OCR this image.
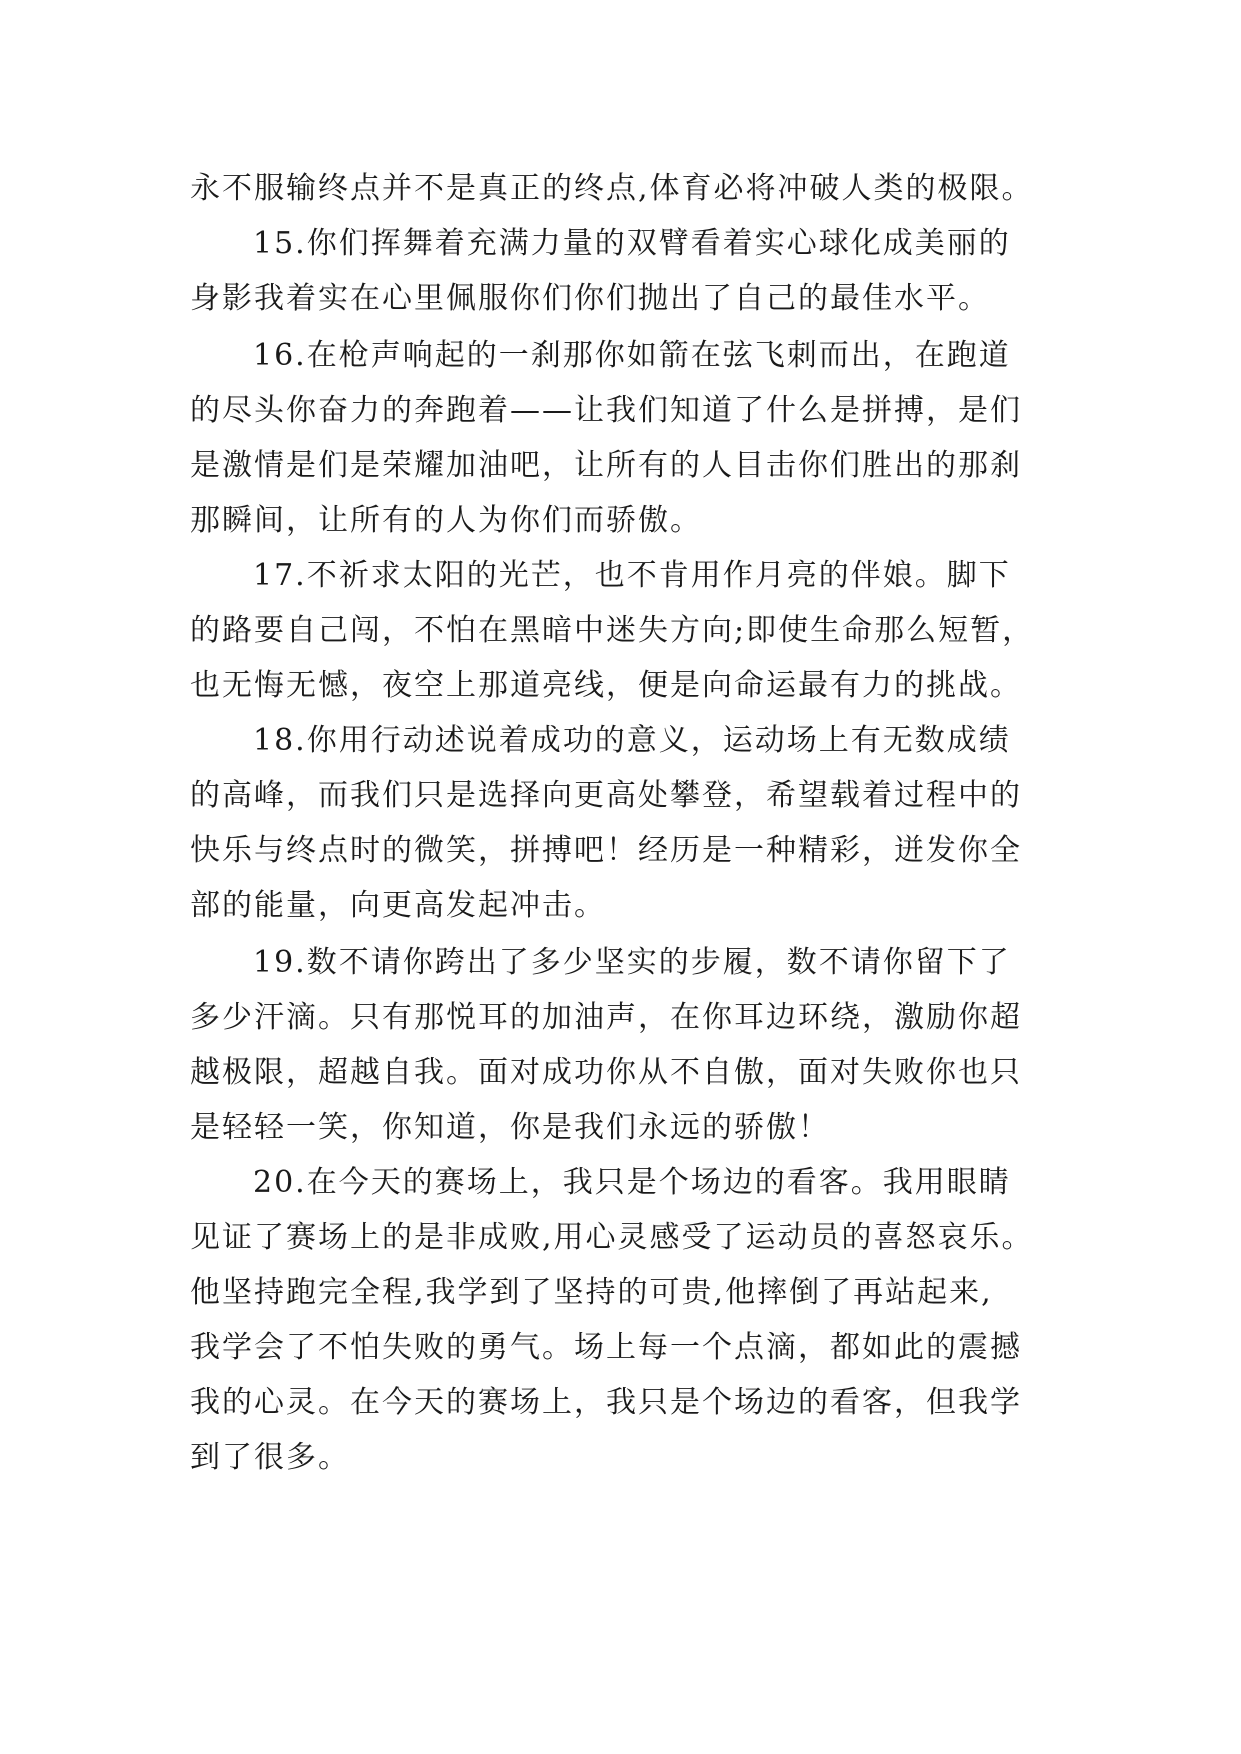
永不服输终点并不是真正的终点,体育必将冲破人类的极限。
15.你们挥舞着充满力量的双臂看着实心球化成美丽的
身影我着实在心里佩服你们你们抛出了自己的最佳水平。
16.在枪声响起的一刹那你如箭在弦飞刺而出，在跑道
的尽头你奋力的奔跑着——让我们知道了什么是拼搏，是们
是激情是们是荣耀加油吧，让所有的人目击你们胜出的那刹
那瞬间，让所有的人为你们而骄傲。
17.不祈求太阳的光芒，也不肯用作月亮的伴娘。脚下
的路要自己闯，不怕在黑暗中迷失方向;即使生命那么短暂，
也无悔无憾，夜空上那道亮线，便是向命运最有力的挑战。
18.你用行动述说着成功的意义，运动场上有无数成绩
的高峰，而我们只是选择向更高处攀登，希望载着过程中的
快乐与终点时的微笑，拼搏吧！经历是一种精彩，迸发你全
部的能量，向更高发起冲击。
19.数不请你跨出了多少坚实的步履，数不请你留下了
多少汗滴。只有那悦耳的加油声，在你耳边环绕，激励你超
越极限，超越自我。面对成功你从不自傲，面对失败你也只
是轻轻一笑，你知道，你是我们永远的骄傲！
20.在今天的赛场上，我只是个场边的看客。我用眼睛
见证了赛场上的是非成败,用心灵感受了运动员的喜怒哀乐。
他坚持跑完全程,我学到了坚持的可贵,他摔倒了再站起来,
我学会了不怕失败的勇气。场上每一个点滴，都如此的震撼
我的心灵。在今天的赛场上，我只是个场边的看客，但我学
到了很多。
